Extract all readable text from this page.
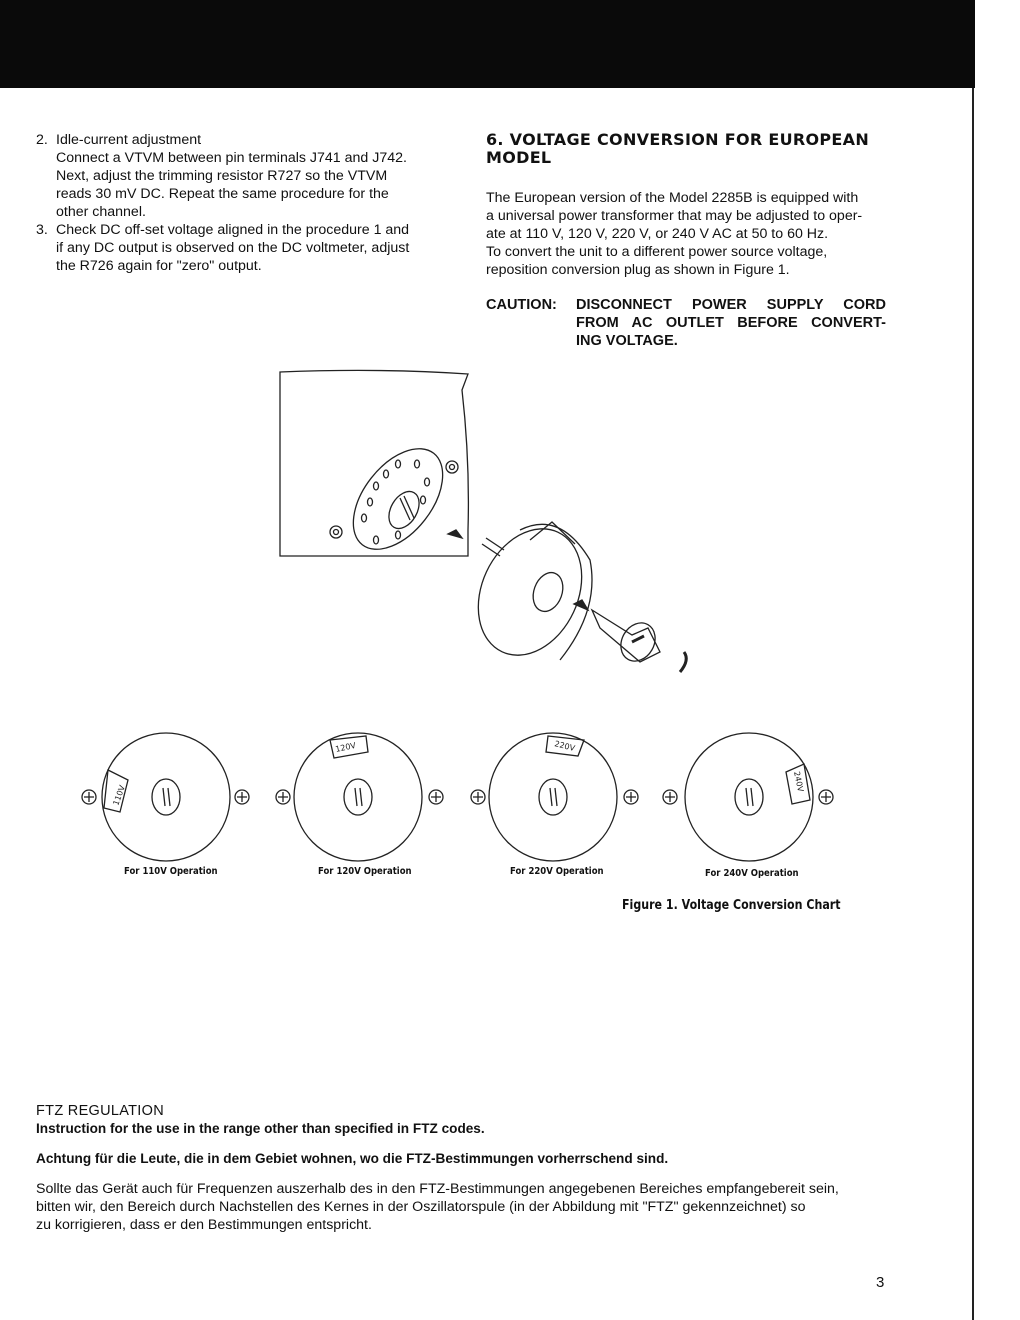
2. Idle-current adjustment
Connect a VTVM between pin terminals J741 and J742.
Next, adjust the trimming resistor R727 so the VTVM
reads 30 mV DC. Repeat the same procedure for the
other channel.
3. Check DC off-set voltage aligned in the procedure 1 and
if any DC output is observed on the DC voltmeter, adjust
the R726 again for "zero" output.
6. VOLTAGE CONVERSION FOR EUROPEAN MODEL
The European version of the Model 2285B is equipped with
a universal power transformer that may be adjusted to oper-
ate at 110 V, 120 V, 220 V, or 240 V AC at 50 to 60 Hz.
To convert the unit to a different power source voltage,
reposition conversion plug as shown in Figure 1.
CAUTION:	DISCONNECT POWER SUPPLY CORD
FROM AC OUTLET BEFORE CONVERT-
ING VOLTAGE.
110V
120V	220V
240V
For 110V Operation	For 120V Operation	For 220V Operation	For 240V Operation
Figure 1. Voltage Conversion Chart
FTZ REGULATION
Instruction for the use in the range other than specified in FTZ codes.
Achtung für die Leute, die in dem Gebiet wohnen, wo die FTZ-Bestimmungen vorherrschend sind.
Sollte das Gerät auch für Frequenzen auszerhalb des in den FTZ-Bestimmungen angegebenen Bereiches empfangebereit sein,
bitten wir, den Bereich durch Nachstellen des Kernes in der Oszillatorspule (in der Abbildung mit "FTZ" gekennzeichnet) so
zu korrigieren, dass er den Bestimmungen entspricht.
3
